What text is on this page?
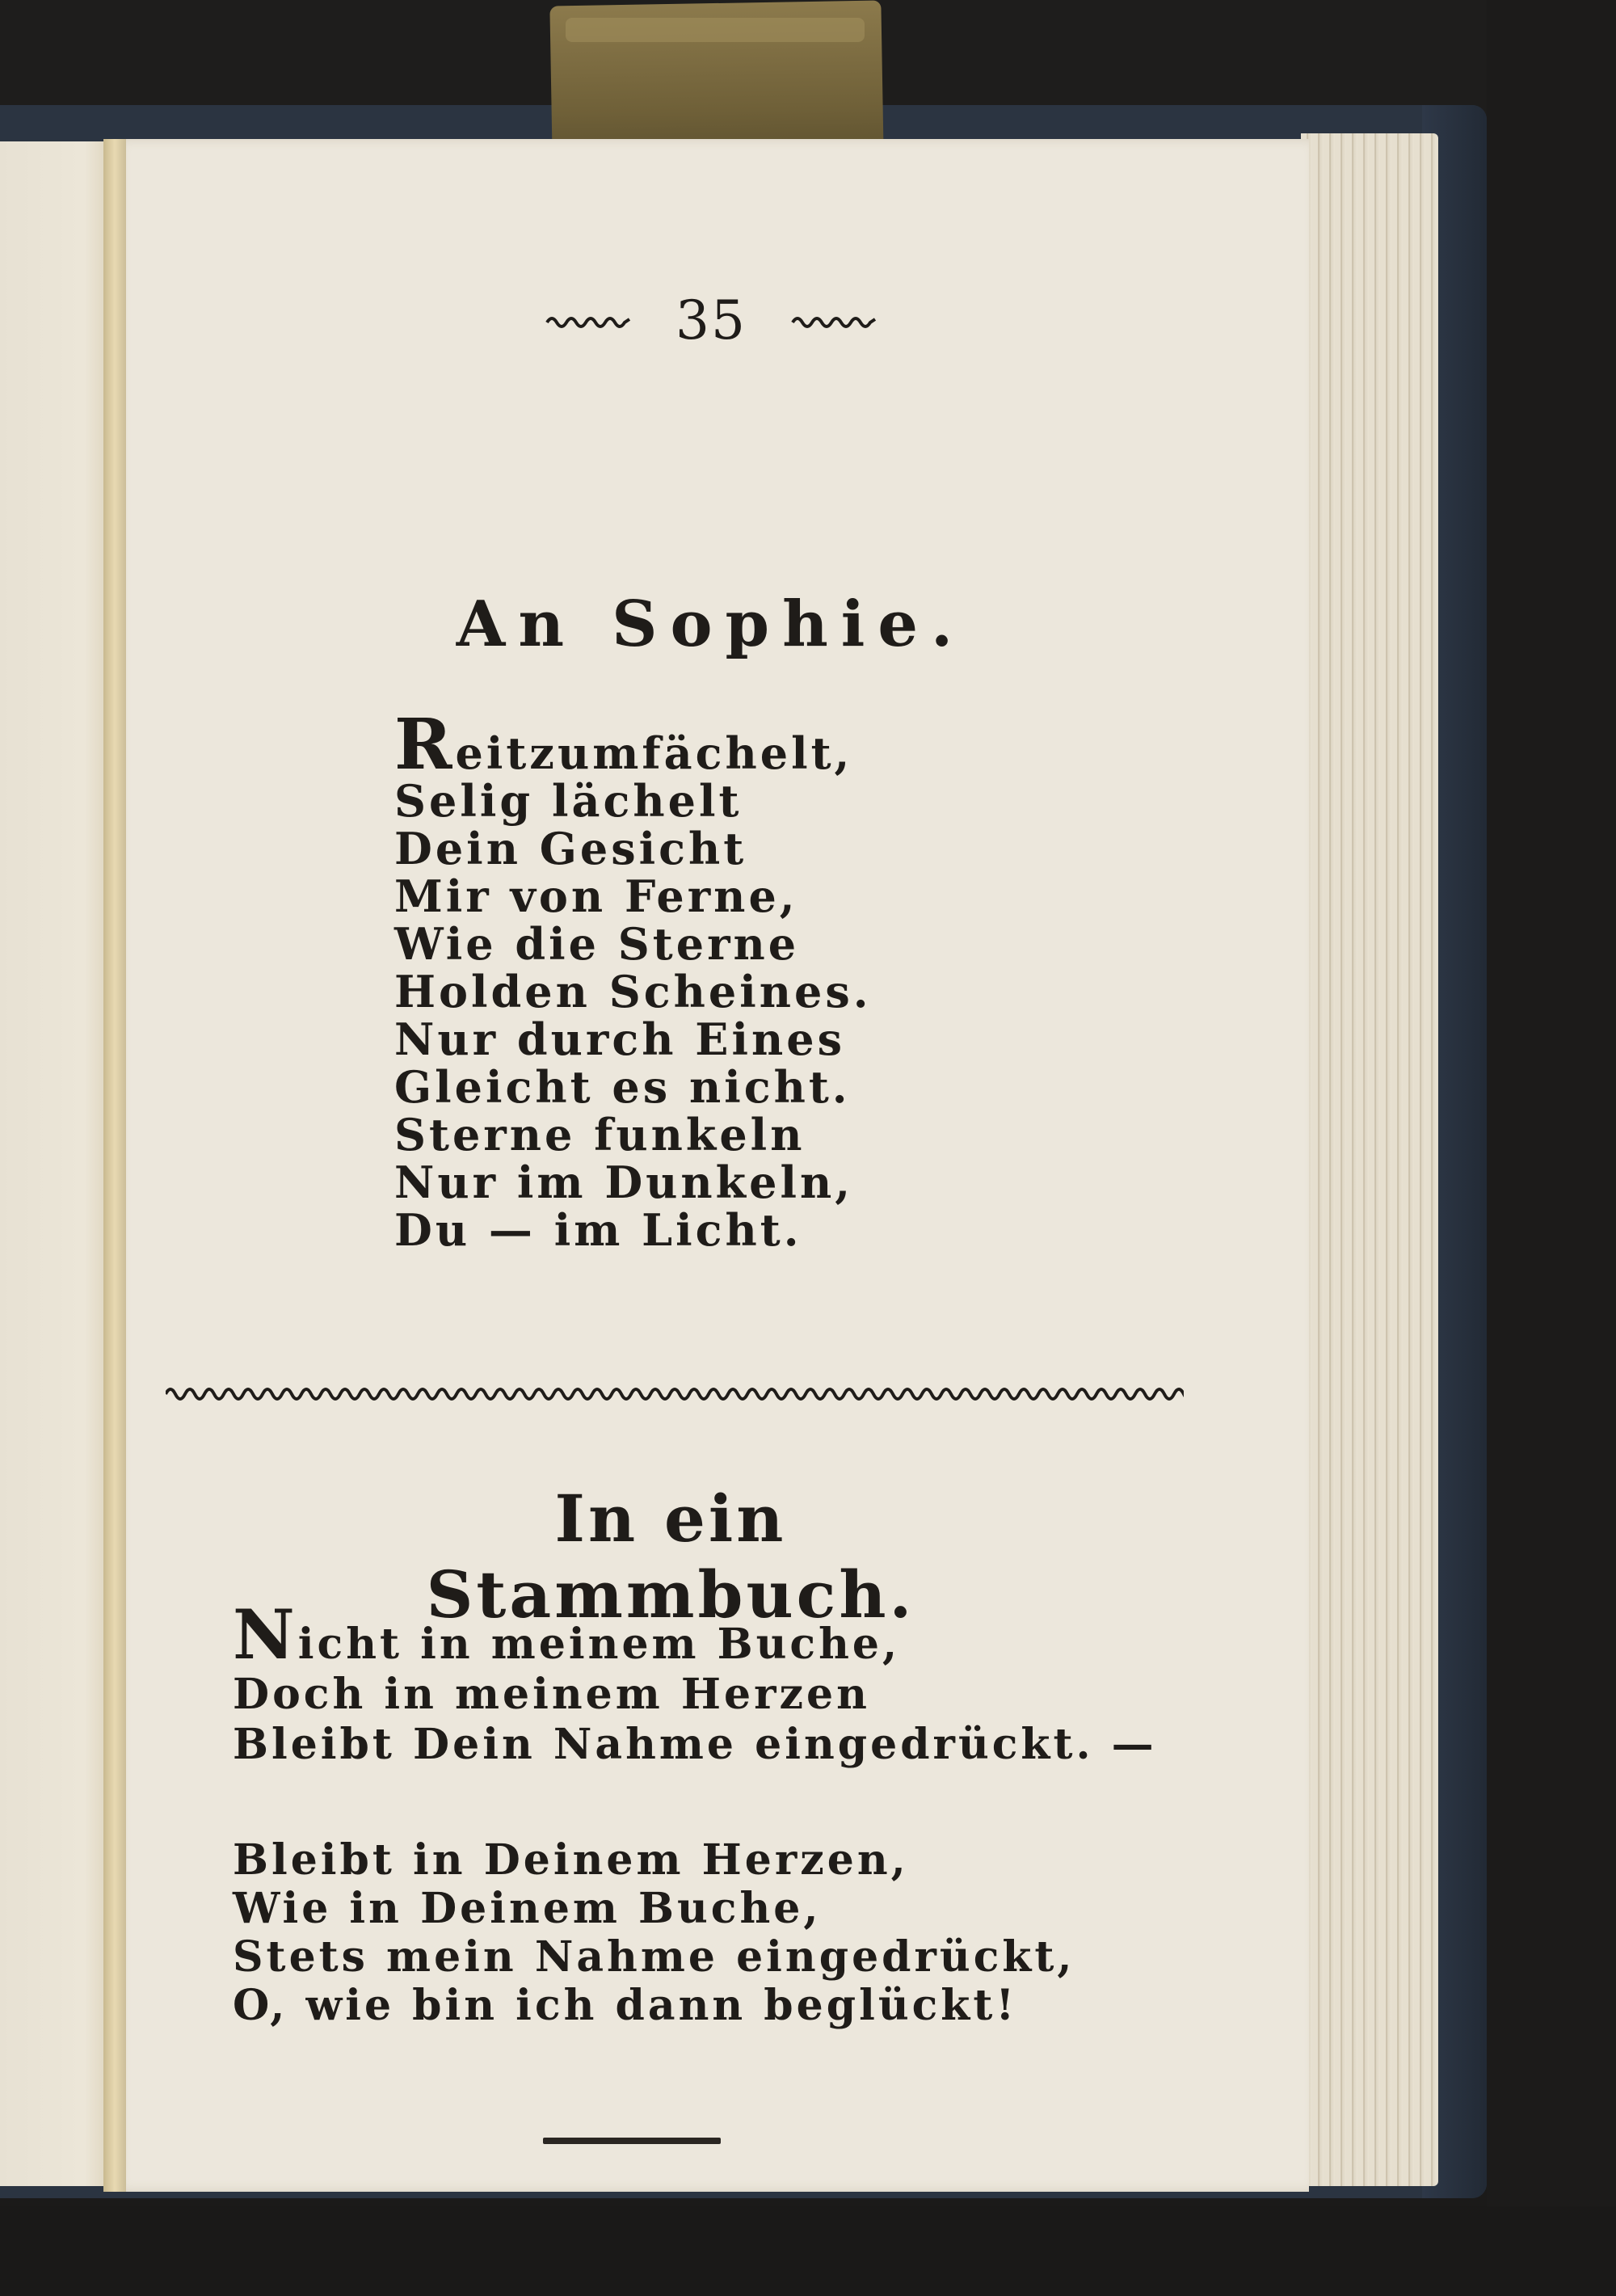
35
An Sophie.
Reitzumfächelt,
Selig lächelt
Dein Gesicht
Mir von Ferne,
Wie die Sterne
Holden Scheines.
Nur durch Eines
Gleicht es nicht.
Sterne funkeln
Nur im Dunkeln,
Du — im Licht.
In ein Stammbuch.
Nicht in meinem Buche,
Doch in meinem Herzen
Bleibt Dein Nahme eingedrückt. —
Bleibt in Deinem Herzen,
Wie in Deinem Buche,
Stets mein Nahme eingedrückt,
O, wie bin ich dann beglückt!
